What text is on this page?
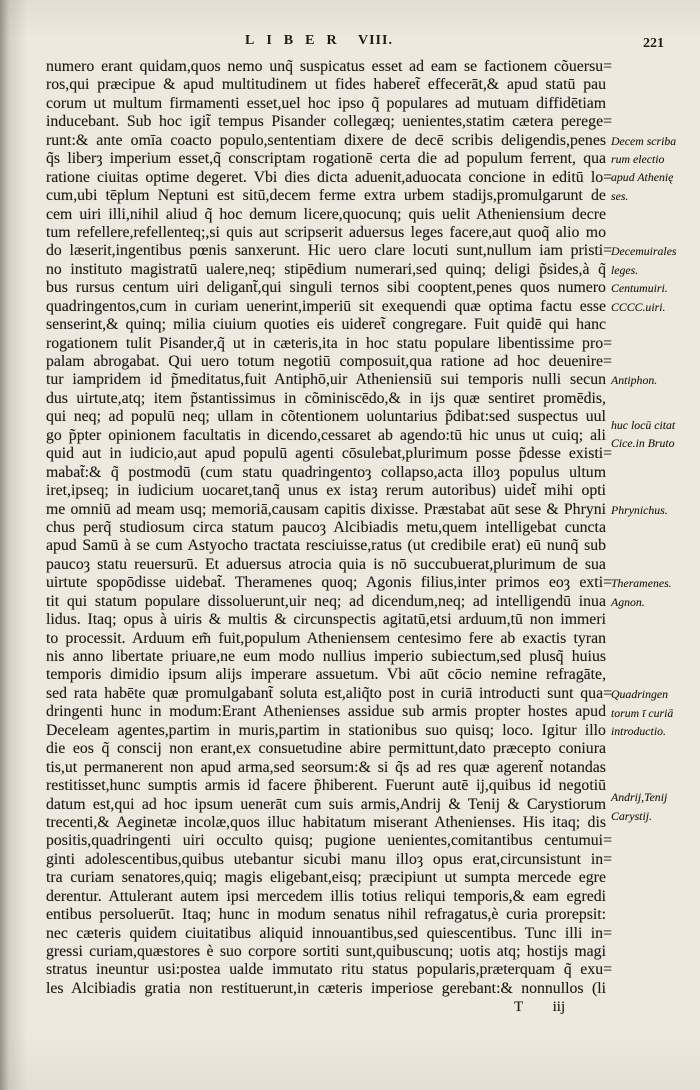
LIBER VIII.	221
numero erant quidam,quos nemo unq̃ suspicatus esset ad eam se factionem cõuersu=
ros,qui præcipue & apud multitudinem ut fides haberet̃ effecerāt,& apud statū pau
corum ut multum firmamenti esset,uel hoc ipso q̃ populares ad mutuam diffidētiam
inducebant. Sub hoc igit̃ tempus Pisander collegæq; uenientes,statim cætera perege=
runt:& ante omīa coacto populo,sententiam dixere de decē scribis deligendis,penes
q̃s liberȝ imperium esset,q̃ conscriptam rogationē certa die ad populum ferrent, qua
ratione ciuitas optime degeret. Vbi dies dicta aduenit,aduocata concione in editū lo=
cum,ubi tēplum Neptuni est sitū,decem ferme extra urbem stadijs,promulgarunt de
cem uiri illi,nihil aliud q̃ hoc demum licere,quocunq; quis uelit Atheniensium decre
tum refellere,refellenteq;,si quis aut scripserit aduersus leges facere,aut quoq̃ alio mo
do læserit,ingentibus pœnis sanxerunt. Hic uero clare locuti sunt,nullum iam pristi=
no instituto magistratū ualere,neq; stipēdium numerari,sed quinq; deligi p̃sides,à q̃
bus rursus centum uiri deligant̃,qui singuli ternos sibi cooptent,penes quos numero
quadringentos,cum in curiam uenerint,imperiū sit exequendi quæ optima factu esse
senserint,& quinq; milia ciuium quoties eis uideret̃ congregare. Fuit quidē qui hanc
rogationem tulit Pisander,q̃ ut in cæteris,ita in hoc statu populare libentissime pro=
palam abrogabat. Qui uero totum negotiū composuit,qua ratione ad hoc deuenire=
tur iampridem id p̃meditatus,fuit Antiphō,uir Atheniensiū sui temporis nulli secun
dus uirtute,atq; item p̃stantissimus in cõminiscēdo,& in ijs quæ sentiret promēdis,
qui neq; ad populū neq; ullam in cõtentionem uoluntarius p̃dibat:sed suspectus uul
go p̃pter opinionem facultatis in dicendo,cessaret ab agendo:tū hic unus ut cuiq; ali
quid aut in iudicio,aut apud populū agenti cōsulebat,plurimum posse p̃desse existi=
mabat̃:& q̃ postmodū (cum statu quadringentoȝ collapso,acta illoȝ populus ultum
iret,ipseq; in iudicium uocaret,tanq̃ unus ex istaȝ rerum autoribus) uidet̃ mihi opti
me omniū ad meam usq; memoriā,causam capitis dixisse. Præstabat aūt sese & Phryni
chus perq̃ studiosum circa statum paucoȝ Alcibiadis metu,quem intelligebat cuncta
apud Samū à se cum Astyocho tractata resciuisse,ratus (ut credibile erat) eū nunq̃ sub
paucoȝ statu reuersurū. Et aduersus atrocia quia is nō succubuerat,plurimum de sua
uirtute spopōdisse uidebat̃. Theramenes quoq; Agonis filius,inter primos eoȝ exti=
tit qui statum populare dissoluerunt,uir neq; ad dicendum,neq; ad intelligendū inua
lidus. Itaq; opus à uiris & multis & circunspectis agitatū,etsi arduum,tū non immeri
to processit. Arduum em̃ fuit,populum Atheniensem centesimo fere ab exactis tyran
nis anno libertate priuare,ne eum modo nullius imperio subiectum,sed plusq̃ huius
temporis dimidio ipsum alijs imperare assuetum. Vbi aūt cōcio nemine refragāte,
sed rata habēte quæ promulgabant̃ soluta est,aliq̃to post in curiā introducti sunt qua=
dringenti hunc in modum:Erant Athenienses assidue sub armis propter hostes apud
Deceleam agentes,partim in muris,partim in stationibus suo quisq; loco. Igitur illo
die eos q̃ conscij non erant,ex consuetudine abire permittunt,dato præcepto coniura
tis,ut permanerent non apud arma,sed seorsum:& si q̃s ad res quæ agerent̃ notandas
restitisset,hunc sumptis armis id facere p̃hiberent. Fuerunt autē ij,quibus id negotiū
datum est,qui ad hoc ipsum uenerāt cum suis armis,Andrij & Tenij & Carystiorum
trecenti,& Aeginetæ incolæ,quos illuc habitatum miserant Athenienses. His itaq; dis
positis,quadringenti uiri occulto quisq; pugione uenientes,comitantibus centumui=
ginti adolescentibus,quibus utebantur sicubi manu illoȝ opus erat,circunsistunt in=
tra curiam senatores,quiq; magis eligebant,eisq; præcipiunt ut sumpta mercede egre
derentur. Attulerant autem ipsi mercedem illis totius reliqui temporis,& eam egredi
entibus persoluerūt. Itaq; hunc in modum senatus nihil refragatus,è curia prorepsit:
nec cæteris quidem ciuitatibus aliquid innouantibus,sed quiescentibus. Tunc illi in=
gressi curiam,quæstores è suo corpore sortiti sunt,quibuscunq; uotis atq; hostijs magi
stratus ineuntur usi:postea ualde immutato ritu status popularis,præterquam q̃ exu=
les Alcibiadis gratia non restituerunt,in cæteris imperiose gerebant:& nonnullos (li
Decem scriba
rum electio
apud Athenię
ses.
Decemuirales
leges.
Centumuiri.
CCCC.uiri.
Antiphon.
huc locū citat
Cice.in Bruto
Phrynichus.
Theramenes.
Agnon.
Quadringen
torum ī curiā
introductio.
Andrij,Tenij
Carystij.
T iij
